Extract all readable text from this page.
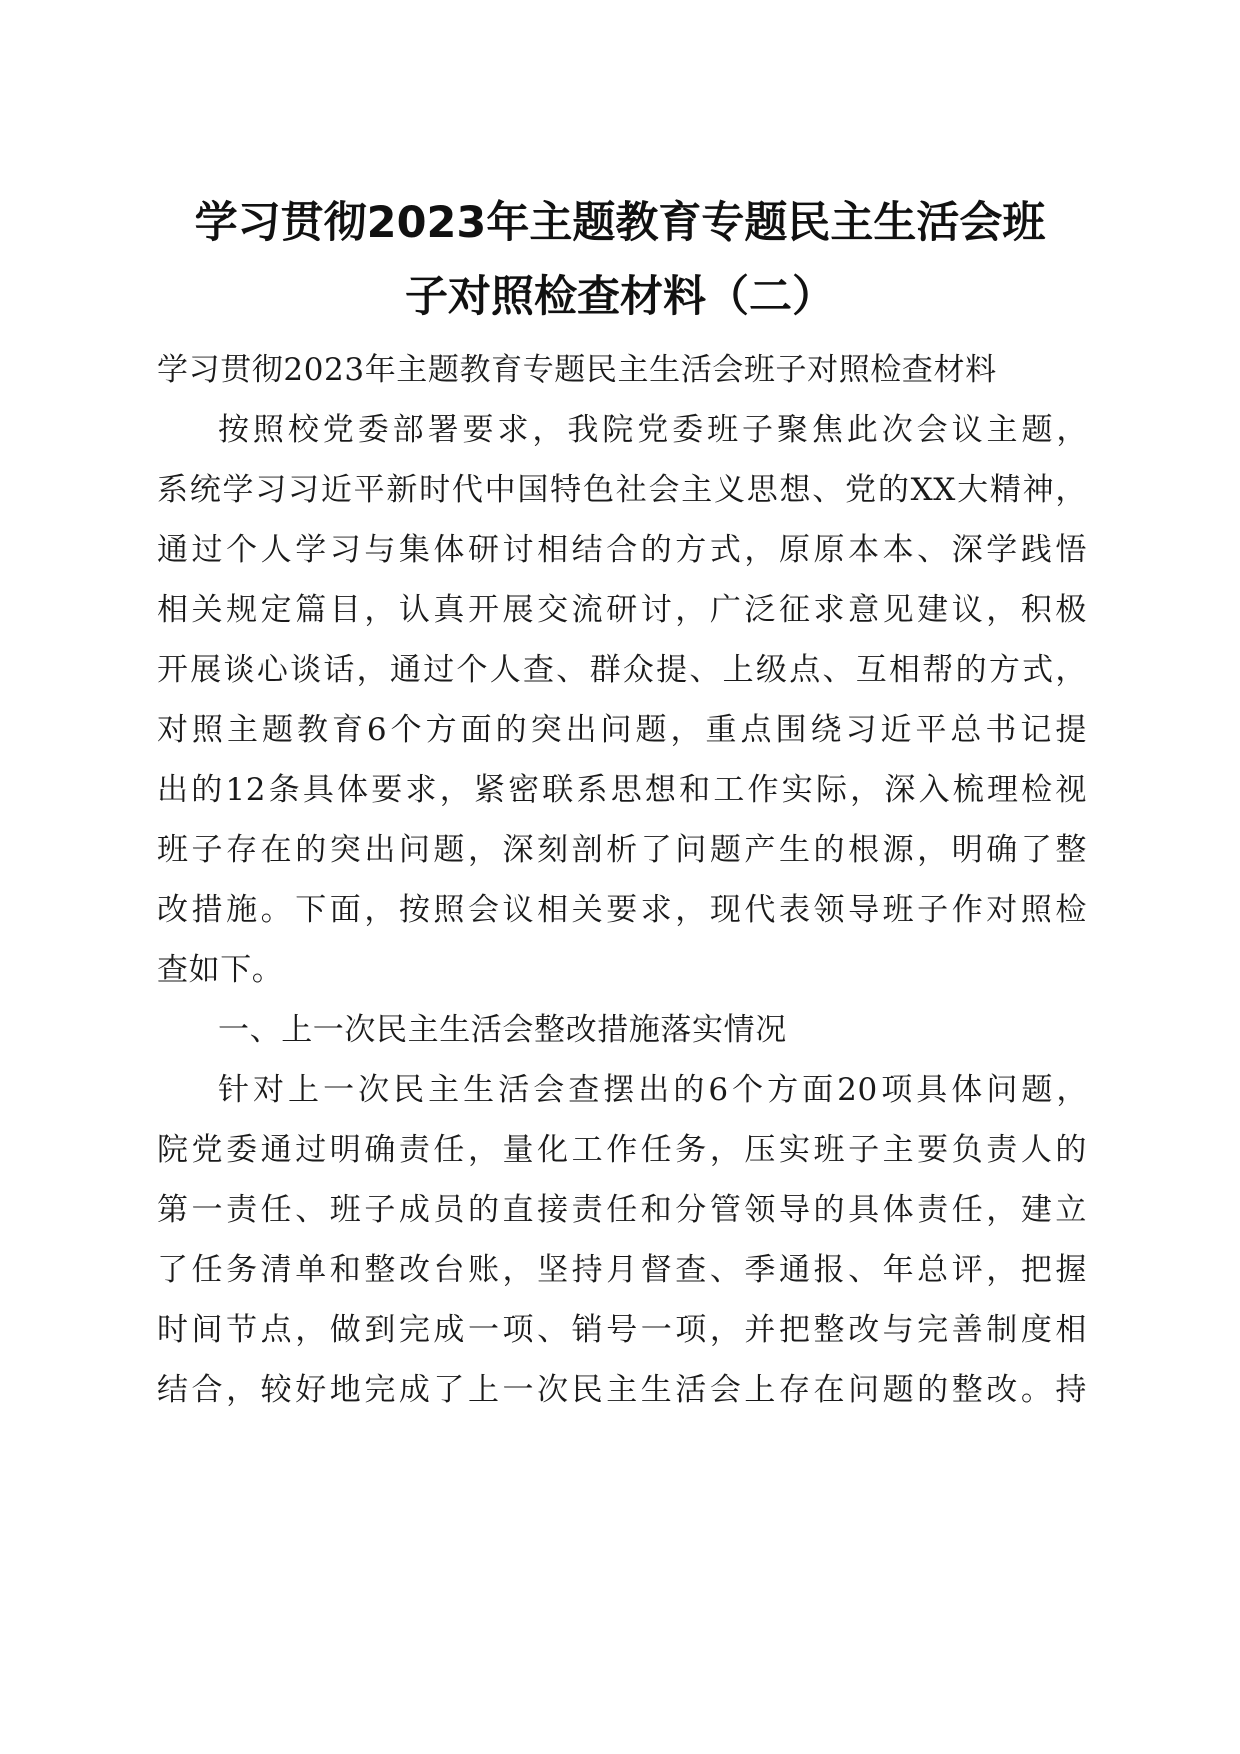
学习贯彻2023年主题教育专题民主生活会班
子对照检查材料（二）
学习贯彻2023年主题教育专题民主生活会班子对照检查材料
按照校党委部署要求，我院党委班子聚焦此次会议主题，
系统学习习近平新时代中国特色社会主义思想、党的XX大精神，
通过个人学习与集体研讨相结合的方式，原原本本、深学践悟
相关规定篇目，认真开展交流研讨，广泛征求意见建议，积极
开展谈心谈话，通过个人查、群众提、上级点、互相帮的方式，
对照主题教育6个方面的突出问题，重点围绕习近平总书记提
出的12条具体要求，紧密联系思想和工作实际，深入梳理检视
班子存在的突出问题，深刻剖析了问题产生的根源，明确了整
改措施。下面，按照会议相关要求，现代表领导班子作对照检
查如下。
一、上一次民主生活会整改措施落实情况
针对上一次民主生活会查摆出的6个方面20项具体问题，
院党委通过明确责任，量化工作任务，压实班子主要负责人的
第一责任、班子成员的直接责任和分管领导的具体责任，建立
了任务清单和整改台账，坚持月督查、季通报、年总评，把握
时间节点，做到完成一项、销号一项，并把整改与完善制度相
结合，较好地完成了上一次民主生活会上存在问题的整改。持
